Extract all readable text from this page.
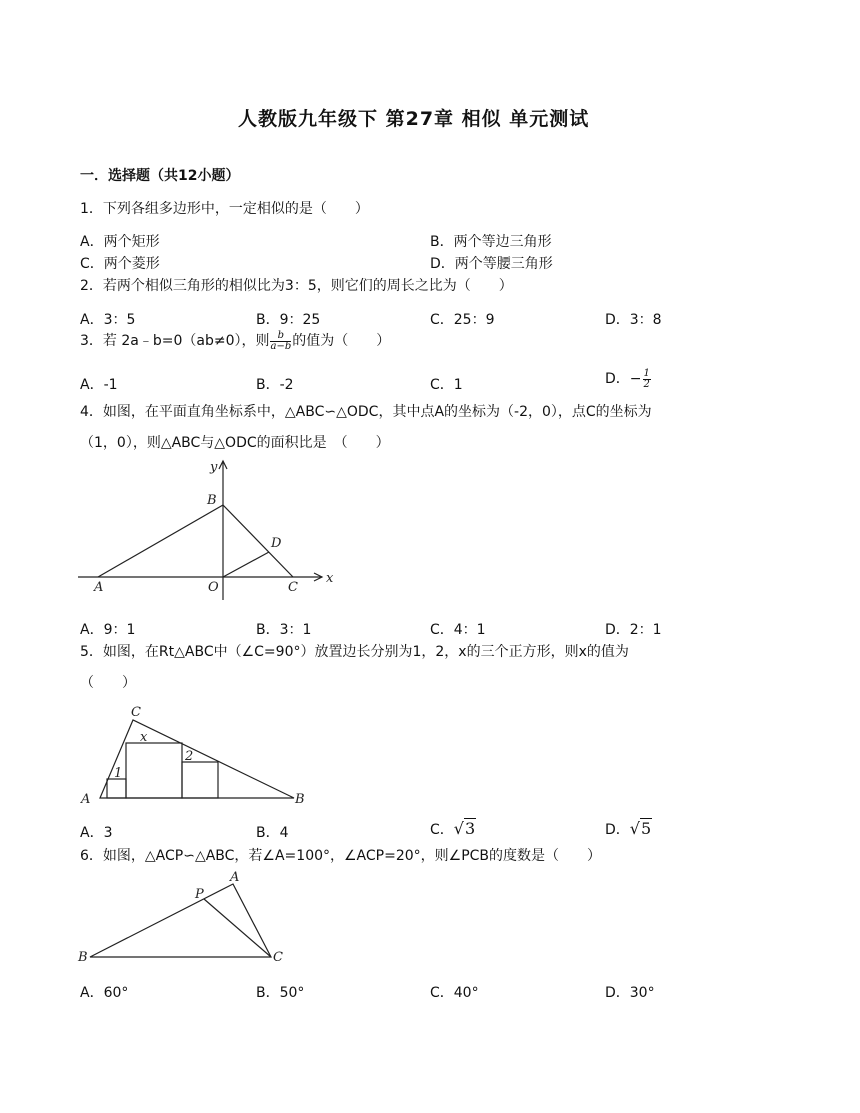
人教版九年级下 第27章 相似 单元测试
一．选择题（共12小题）
1．下列各组多边形中，一定相似的是（　　）
A．两个矩形	B．两个等边三角形
C．两个菱形	D．两个等腰三角形
2．若两个相似三角形的相似比为3：5，则它们的周长之比为（　　）
A．3：5	B．9：25	C．25：9	D．3：8
3．若 2a﹣b=0（ab≠0），则 $\frac{b}{a-b}$ 的值为（　　）
A．-1	B．-2	C．1	D．− $\frac{1}{2}$
4．如图，在平面直角坐标系中，△ABC∽△ODC，其中点A的坐标为（-2，0），点C的坐标为
（1，0），则△ABC与△ODC的面积比是　（　　）
y
x
B
D
A	O	C
A．9：1	B．3：1	C．4：1	D．2：1
5．如图，在Rt△ABC中（∠C=90°）放置边长分别为1，2，x的三个正方形，则x的值为
（　　）
C
x
2
1
A	B
A．3	B．4	C．√3	D．√5
6．如图，△ACP∽△ABC，若∠A=100°，∠ACP=20°，则∠PCB的度数是（　　）
A
P
B	C
A．60°	B．50°	C．40°	D．30°
